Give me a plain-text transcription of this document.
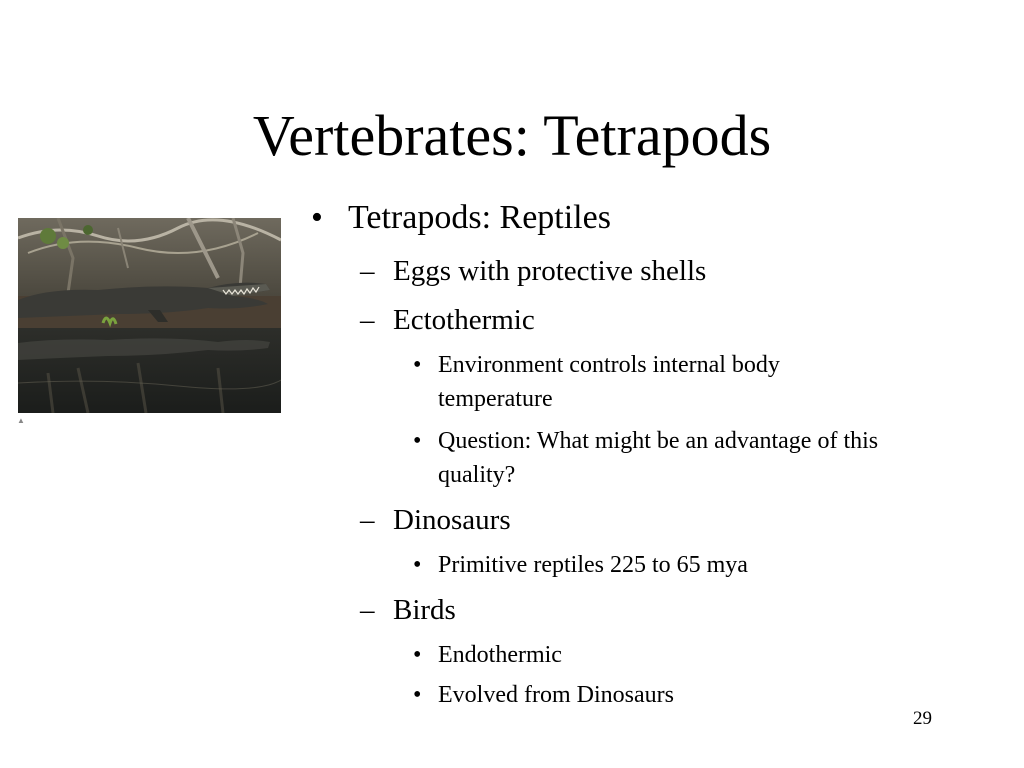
Vertebrates: Tetrapods
▲
• Tetrapods: Reptiles
– Eggs with protective shells
– Ectothermic
• Environment controls internal body
temperature
• Question: What might be an advantage of this
quality?
– Dinosaurs
• Primitive reptiles 225 to 65 mya
– Birds
• Endothermic
• Evolved from Dinosaurs
29
